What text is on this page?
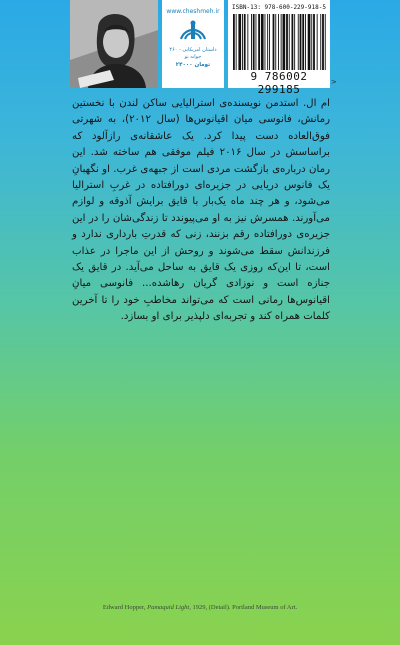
www.cheshmeh.ir
داستان امریکایی - ۴۶۰
جوانه نو
۲۴۰۰۰ تومان
ISBN-13: 978-600-229-918-5
9 786002 299185
>
ام ال. استدمن نویسنده‌ی استرالیایی ساکن لندن با نخستین رمانش، فانوسی میان اقیانوس‌ها (سال ۲۰۱۲)، به شهرتی فوق‌العاده دست پیدا کرد. یک عاشقانه‌ی رازآلود که براساسش در سال ۲۰۱۶ فیلم موفقی هم ساخته شد. این رمان درباره‌ی بازگشت مردی است از جبهه‌ی غرب. او نگهبانِ یک فانوس دریایی در جزیره‌ای دورافتاده در غربِ استرالیا می‌شود، و هر چند ماه یک‌بار با قایق برایش آذوقه و لوازم می‌آورند. همسرش نیز به او می‌پیوندد تا زندگی‌شان را در این جزیره‌ی دورافتاده رقم بزنند، زنی که قدرتِ بارداری ندارد و فرزندانش سقط می‌شوند و روحش از این ماجرا در عذاب است، تا این‌که روزی یک قایق به ساحل می‌آید. در قایق یک جنازه است و نوزادی گریان رهاشده... فانوسی میانِ اقیانوس‌ها رمانی است که می‌تواند مخاطبِ خود را تا آخرین کلمات همراه کند و تجربه‌ای دلپذیر برای او بسازد.
Edward Hopper, Pamaquid Light, 1929, (Detail). Portland Museum of Art.
